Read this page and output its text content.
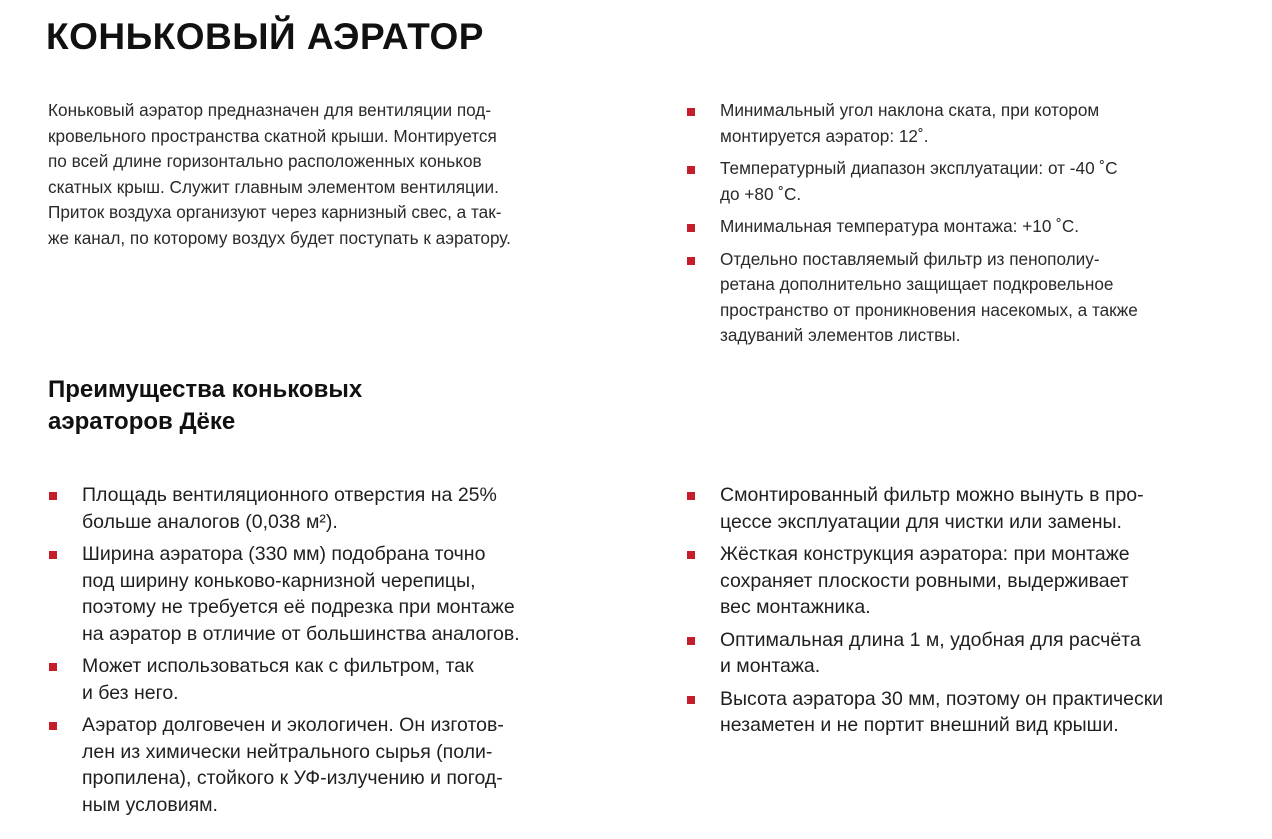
КОНЬКОВЫЙ АЭРАТОР
Коньковый аэратор предназначен для вентиляции под-
кровельного пространства скатной крыши. Монтируется
по всей длине горизонтально расположенных коньков
скатных крыш. Служит главным элементом вентиляции.
Приток воздуха организуют через карнизный свес, а так-
же канал, по которому воздух будет поступать к аэратору.
Минимальный угол наклона ската, при котором
монтируется аэратор: 12˚.
Температурный диапазон эксплуатации: от -40 ˚С
до +80 ˚С.
Минимальная температура монтажа: +10 ˚С.
Отдельно поставляемый фильтр из пенополиу-
ретана дополнительно защищает подкровельное
пространство от проникновения насекомых, а также
задуваний элементов листвы.
Преимущества коньковых
аэраторов Дёке
Площадь вентиляционного отверстия на 25%
больше аналогов (0,038 м²).
Ширина аэратора (330 мм) подобрана точно
под ширину коньково-карнизной черепицы,
поэтому не требуется её подрезка при монтаже
на аэратор в отличие от большинства аналогов.
Может использоваться как с фильтром, так
и без него.
Аэратор долговечен и экологичен. Он изготов-
лен из химически нейтрального сырья (поли-
пропилена), стойкого к УФ-излучению и погод-
ным условиям.
Смонтированный фильтр можно вынуть в про-
цессе эксплуатации для чистки или замены.
Жёсткая конструкция аэратора: при монтаже
сохраняет плоскости ровными, выдерживает
вес монтажника.
Оптимальная длина 1 м, удобная для расчёта
и монтажа.
Высота аэратора 30 мм, поэтому он практически
незаметен и не портит внешний вид крыши.
